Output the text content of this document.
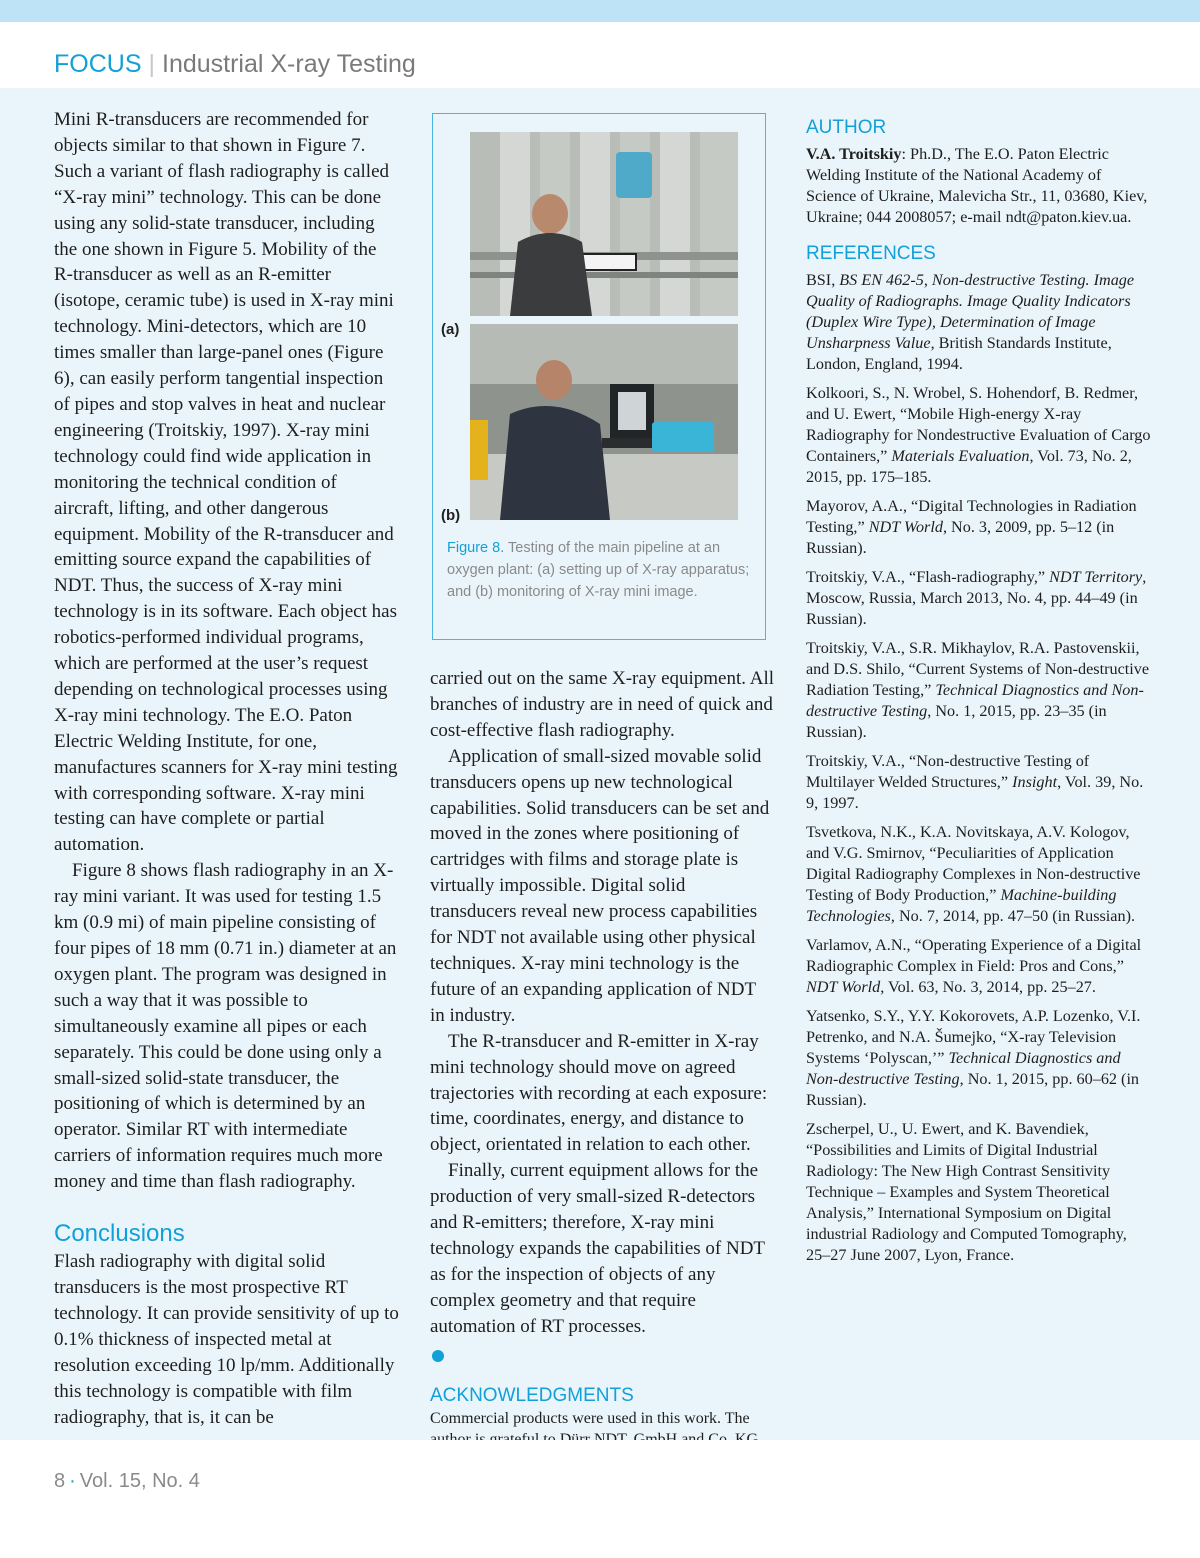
FOCUS | Industrial X-ray Testing

Mini R-transducers are recommended for objects similar to that shown in Figure 7. Such a variant of flash radiography is called “X-ray mini” technology. This can be done using any solid-state transducer, including the one shown in Figure 5. Mobility of the R-transducer as well as an R-emitter (isotope, ceramic tube) is used in X-ray mini technology. Mini-detectors, which are 10 times smaller than large-panel ones (Figure 6), can easily perform tangential inspection of pipes and stop valves in heat and nuclear engineering (Troitskiy, 1997). X-ray mini technology could find wide application in monitoring the technical condition of aircraft, lifting, and other dangerous equipment. Mobility of the R-transducer and emitting source expand the capabilities of NDT. Thus, the success of X-ray mini technology is in its software. Each object has robotics-performed individual programs, which are performed at the user’s request depending on technological processes using X-ray mini technology. The E.O. Paton Electric Welding Institute, for one, manufactures scanners for X-ray mini testing with corresponding software. X-ray mini testing can have complete or partial automation.

Figure 8 shows flash radiography in an X-ray mini variant. It was used for testing 1.5 km (0.9 mi) of main pipeline consisting of four pipes of 18 mm (0.71 in.) diameter at an oxygen plant. The program was designed in such a way that it was possible to simultaneously examine all pipes or each separately. This could be done using only a small-sized solid-state transducer, the positioning of which is determined by an operator. Similar RT with intermediate carriers of information requires much more money and time than flash radiography.

Conclusions

Flash radiography with digital solid transducers is the most prospective RT technology. It can provide sensitivity of up to 0.1% thickness of inspected metal at resolution exceeding 10 lp/mm. Additionally this technology is compatible with film radiography, that is, it can be

(a)
(b)
Figure 8. Testing of the main pipeline at an oxygen plant: (a) setting up of X-ray apparatus; and (b) monitoring of X-ray mini image.

carried out on the same X-ray equipment. All branches of industry are in need of quick and cost-effective flash radiography.

Application of small-sized movable solid transducers opens up new technological capabilities. Solid transducers can be set and moved in the zones where positioning of cartridges with films and storage plate is virtually impossible. Digital solid transducers reveal new process capabilities for NDT not available using other physical techniques. X-ray mini technology is the future of an expanding application of NDT in industry.

The R-transducer and R-emitter in X-ray mini technology should move on agreed trajectories with recording at each exposure: time, coordinates, energy, and distance to object, orientated in relation to each other.

Finally, current equipment allows for the production of very small-sized R-detectors and R-emitters; therefore, X-ray mini technology expands the capabilities of NDT as for the inspection of objects of any complex geometry and that require automation of RT processes.

ACKNOWLEDGMENTS

Commercial products were used in this work. The

AUTHOR

V.A. Troitskiy: Ph.D., The E.O. Paton Electric Welding Institute of the National Academy of Science of Ukraine, Malevicha Str., 11, 03680, Kiev, Ukraine; 044 2008057; e-mail ndt@paton.kiev.ua.

REFERENCES

BSI, BS EN 462-5, Non-destructive Testing. Image Quality of Radiographs. Image Quality Indicators (Duplex Wire Type), Determination of Image Unsharpness Value, British Standards Institute, London, England, 1994.

Kolkoori, S., N. Wrobel, S. Hohendorf, B. Redmer, and U. Ewert, “Mobile High-energy X-ray Radiography for Nondestructive Evaluation of Cargo Containers,” Materials Evaluation, Vol. 73, No. 2, 2015, pp. 175–185.

Mayorov, A.A., “Digital Technologies in Radiation Testing,” NDT World, No. 3, 2009, pp. 5–12 (in Russian).

Troitskiy, V.A., “Flash-radiography,” NDT Territory, Moscow, Russia, March 2013, No. 4, pp. 44–49 (in Russian).

Troitskiy, V.A., S.R. Mikhaylov, R.A. Pastovenskii, and D.S. Shilo, “Current Systems of Non-destructive Radiation Testing,” Technical Diagnostics and Non-destructive Testing, No. 1, 2015, pp. 23–35 (in Russian).

Troitskiy, V.A., “Non-destructive Testing of Multilayer Welded Structures,” Insight, Vol. 39, No. 9, 1997.

Tsvetkova, N.K., K.A. Novitskaya, A.V. Kologov, and V.G. Smirnov, “Peculiarities of Application Digital Radiography Complexes in Non-destructive Testing of Body Production,” Machine-building Technologies, No. 7, 2014, pp. 47–50 (in Russian).

Varlamov, A.N., “Operating Experience of a Digital Radiographic Complex in Field: Pros and Cons,” NDT World, Vol. 63, No. 3, 2014, pp. 25–27.

Yatsenko, S.Y., Y.Y. Kokorovets, A.P. Lozenko, V.I. Petrenko, and N.A. Šumejko, “X-ray Television Systems ‘Polyscan,’” Technical Diagnostics and Non-destructive Testing, No. 1, 2015, pp. 60–62 (in Russian).

Zscherpel, U., U. Ewert, and K. Bavendiek, “Possibilities and Limits of Digital Industrial Radiology: The New High Contrast Sensitivity Technique – Examples and System Theoretical Analysis,” International Symposium on Digital industrial Radiology and Computed Tomography, 25–27 June 2007, Lyon, France.

8 · Vol. 15, No. 4
